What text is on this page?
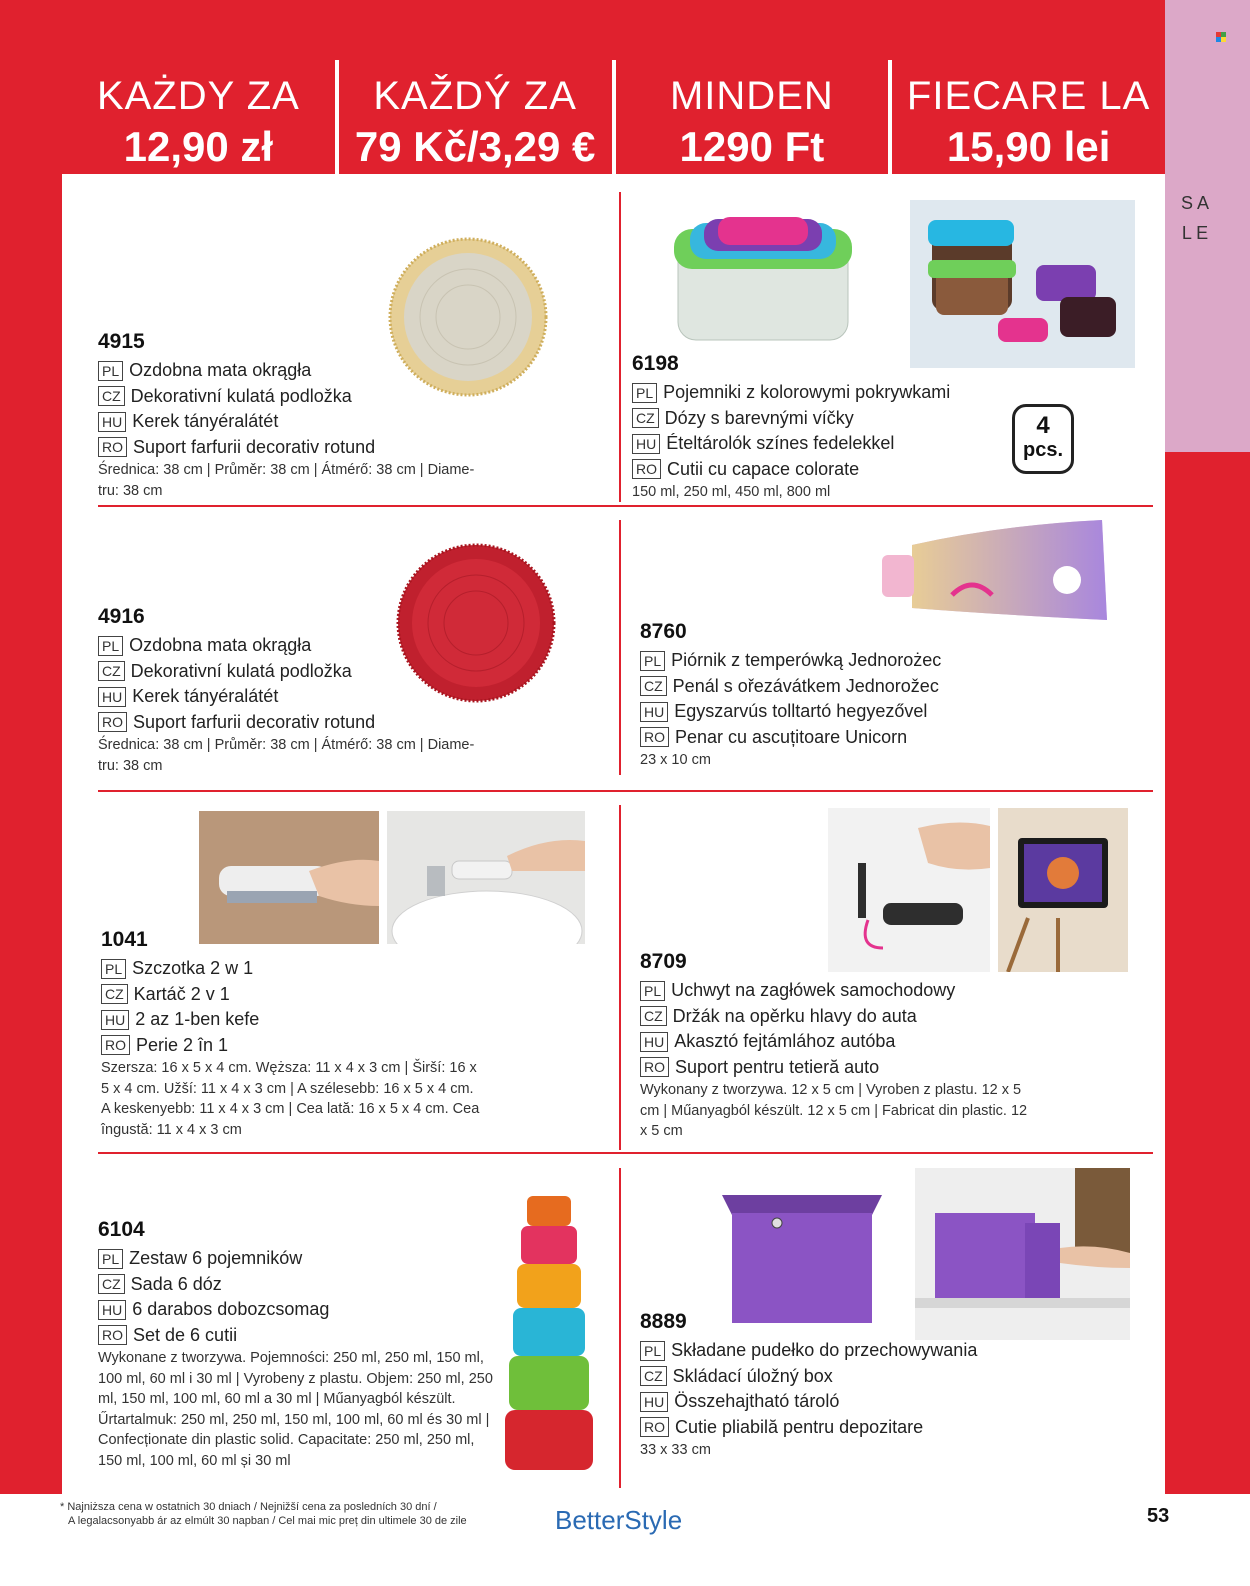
S A L E
KAŻDY ZA
12,90 zł
KAŽDÝ ZA
79 Kč/3,29 €
MINDEN
1290 Ft
FIECARE LA
15,90 lei
4915
PL Ozdobna mata okrągła
CZ Dekorativní kulatá podložka
HU Kerek tányéralátét
RO Suport farfurii decorativ rotund
Średnica: 38 cm | Průměr: 38 cm | Átmérő: 38 cm | Diame-tru: 38 cm
6198
PL Pojemniki z kolorowymi pokrywkami
CZ Dózy s barevnými víčky
HU Ételtárolók színes fedelekkel
RO Cutii cu capace colorate
150 ml, 250 ml, 450 ml, 800 ml
4
pcs.
4916
PL Ozdobna mata okrągła
CZ Dekorativní kulatá podložka
HU Kerek tányéralátét
RO Suport farfurii decorativ rotund
Średnica: 38 cm | Průměr: 38 cm | Átmérő: 38 cm | Diame-tru: 38 cm
8760
PL Piórnik z temperówką Jednorożec
CZ Penál s ořezávátkem Jednorožec
HU Egyszarvús tolltartó hegyezővel
RO Penar cu ascuțitoare Unicorn
23 x 10 cm
1041
PL Szczotka 2 w 1
CZ Kartáč 2 v 1
HU 2 az 1-ben kefe
RO Perie 2 în 1
Szersza: 16 x 5 x 4 cm. Węższa: 11 x 4 x 3 cm | Širší: 16 x 5 x 4 cm. Užší: 11 x 4 x 3 cm | A szélesebb: 16 x 5 x 4 cm. A keskenyebb: 11 x 4 x 3 cm | Cea lată: 16 x 5 x 4 cm. Cea îngustă: 11 x 4 x 3 cm
8709
PL Uchwyt na zagłówek samochodowy
CZ Držák na opěrku hlavy do auta
HU Akasztó fejtámlához autóba
RO Suport pentru tetieră auto
Wykonany z tworzywa. 12 x 5 cm | Vyroben z plastu. 12 x 5 cm | Műanyagból készült. 12 x 5 cm | Fabricat din plastic. 12 x 5 cm
6104
PL Zestaw 6 pojemników
CZ Sada 6 dóz
HU 6 darabos dobozcsomag
RO Set de 6 cutii
Wykonane z tworzywa. Pojemności: 250 ml, 250 ml, 150 ml, 100 ml, 60 ml i 30 ml | Vyrobeny z plastu. Objem: 250 ml, 250 ml, 150 ml, 100 ml, 60 ml a 30 ml | Műanyagból készült. Űrtartalmuk: 250 ml, 250 ml, 150 ml, 100 ml, 60 ml és 30 ml | Confecționate din plastic solid. Capacitate: 250 ml, 250 ml, 150 ml, 100 ml, 60 ml și 30 ml
8889
PL Składane pudełko do przechowywania
CZ Skládací úložný box
HU Összehajtható tároló
RO Cutie pliabilă pentru depozitare
33 x 33 cm
* Najniższa cena w ostatnich 30 dniach / Nejnižší cena za posledních 30 dní /
A legalacsonyabb ár az elmúlt 30 napban / Cel mai mic preț din ultimele 30 de zile	BetterStyle	53
